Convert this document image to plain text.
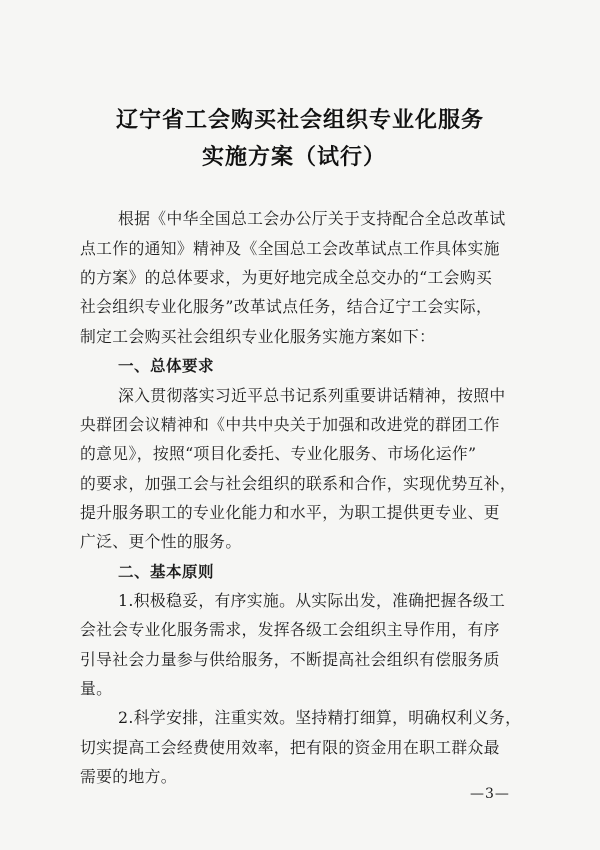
辽宁省工会购买社会组织专业化服务
实施方案（试行）
根据《中华全国总工会办公厅关于支持配合全总改革试
点工作的通知》精神及《全国总工会改革试点工作具体实施
的方案》的总体要求，为更好地完成全总交办的“工会购买
社会组织专业化服务”改革试点任务，结合辽宁工会实际，
制定工会购买社会组织专业化服务实施方案如下：
一、总体要求
深入贯彻落实习近平总书记系列重要讲话精神，按照中
央群团会议精神和《中共中央关于加强和改进党的群团工作
的意见》，按照“项目化委托、专业化服务、市场化运作”
的要求，加强工会与社会组织的联系和合作，实现优势互补，
提升服务职工的专业化能力和水平，为职工提供更专业、更
广泛、更个性的服务。
二、基本原则
1.积极稳妥，有序实施。从实际出发，准确把握各级工
会社会专业化服务需求，发挥各级工会组织主导作用，有序
引导社会力量参与供给服务，不断提高社会组织有偿服务质
量。
2.科学安排，注重实效。坚持精打细算，明确权利义务，
切实提高工会经费使用效率，把有限的资金用在职工群众最
需要的地方。
—3—
